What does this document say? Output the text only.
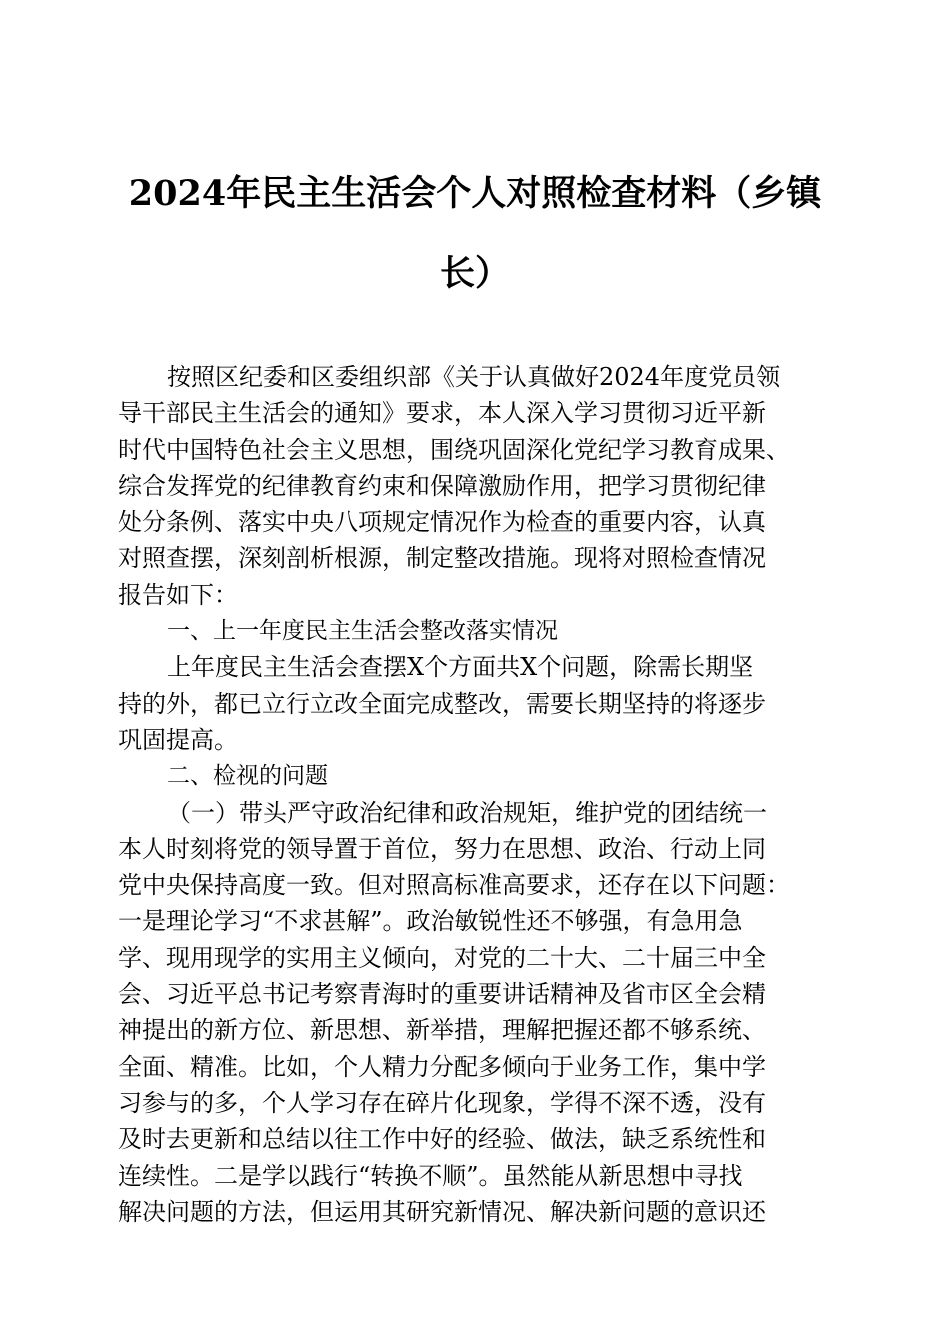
2024年民主生活会个人对照检查材料（乡镇
长）
按照区纪委和区委组织部《关于认真做好2024年度党员领
导干部民主生活会的通知》要求，本人深入学习贯彻习近平新
时代中国特色社会主义思想，围绕巩固深化党纪学习教育成果、
综合发挥党的纪律教育约束和保障激励作用，把学习贯彻纪律
处分条例、落实中央八项规定情况作为检查的重要内容，认真
对照查摆，深刻剖析根源，制定整改措施。现将对照检查情况
报告如下：
一、上一年度民主生活会整改落实情况
上年度民主生活会查摆X个方面共X个问题，除需长期坚
持的外，都已立行立改全面完成整改，需要长期坚持的将逐步
巩固提高。
二、检视的问题
（一）带头严守政治纪律和政治规矩，维护党的团结统一
本人时刻将党的领导置于首位，努力在思想、政治、行动上同
党中央保持高度一致。但对照高标准高要求，还存在以下问题：
一是理论学习“不求甚解”。政治敏锐性还不够强，有急用急
学、现用现学的实用主义倾向，对党的二十大、二十届三中全
会、习近平总书记考察青海时的重要讲话精神及省市区全会精
神提出的新方位、新思想、新举措，理解把握还都不够系统、
全面、精准。比如，个人精力分配多倾向于业务工作，集中学
习参与的多，个人学习存在碎片化现象，学得不深不透，没有
及时去更新和总结以往工作中好的经验、做法，缺乏系统性和
连续性。二是学以践行“转换不顺”。虽然能从新思想中寻找
解决问题的方法，但运用其研究新情况、解决新问题的意识还
